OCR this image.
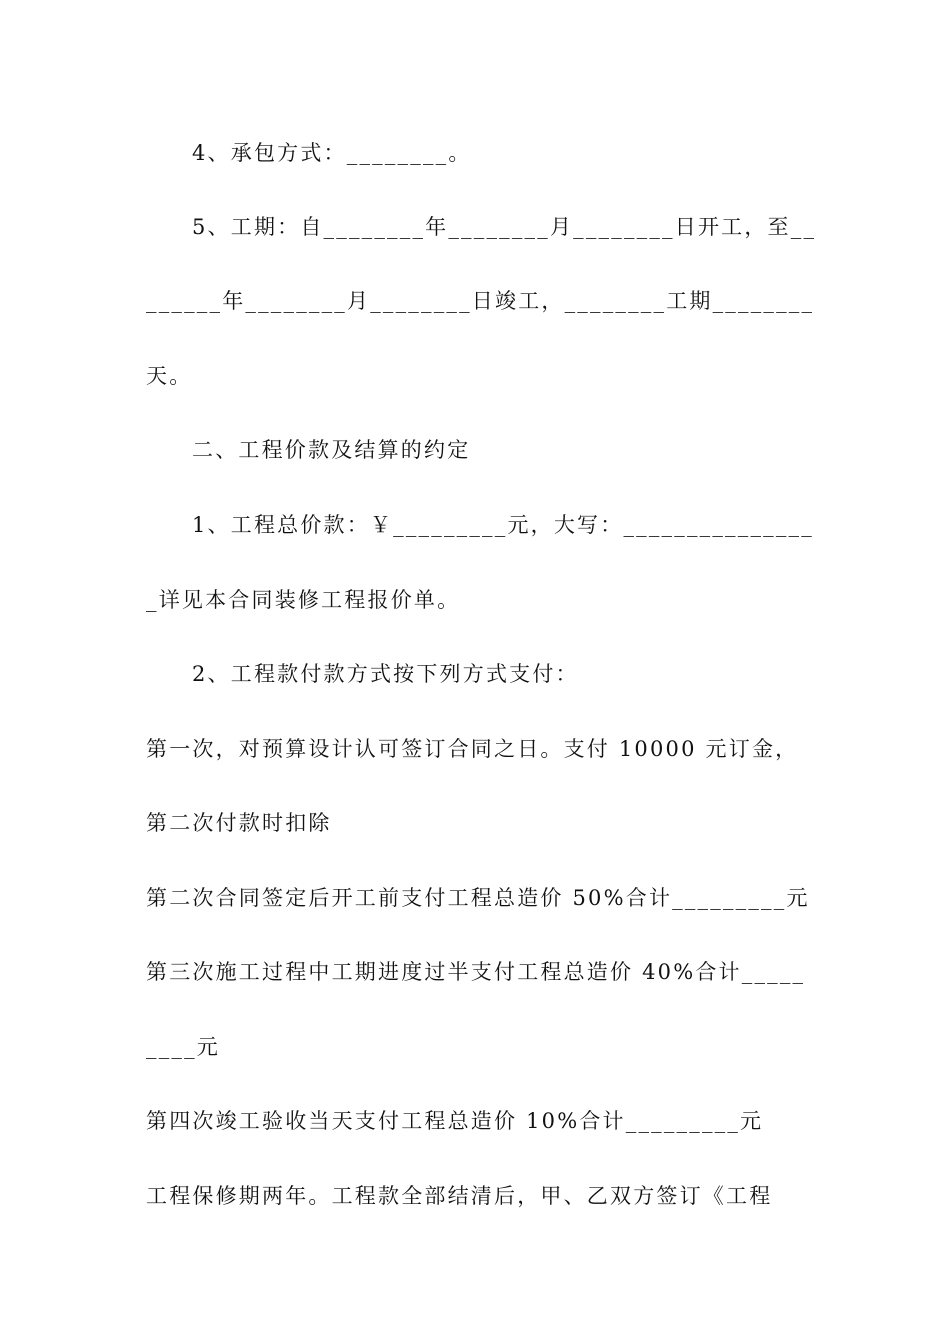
4、承包方式：________。
5、工期：自________年________月________日开工，至__
______年________月________日竣工，________工期________
天。
二、工程价款及结算的约定
1、工程总价款：￥_________元，大写：_______________
_详见本合同装修工程报价单。
2、工程款付款方式按下列方式支付：
第一次，对预算设计认可签订合同之日。支付 10000 元订金，
第二次付款时扣除
第二次合同签定后开工前支付工程总造价 50%合计_________元
第三次施工过程中工期进度过半支付工程总造价 40%合计_____
____元
第四次竣工验收当天支付工程总造价 10%合计_________元
工程保修期两年。工程款全部结清后，甲、乙双方签订《工程
